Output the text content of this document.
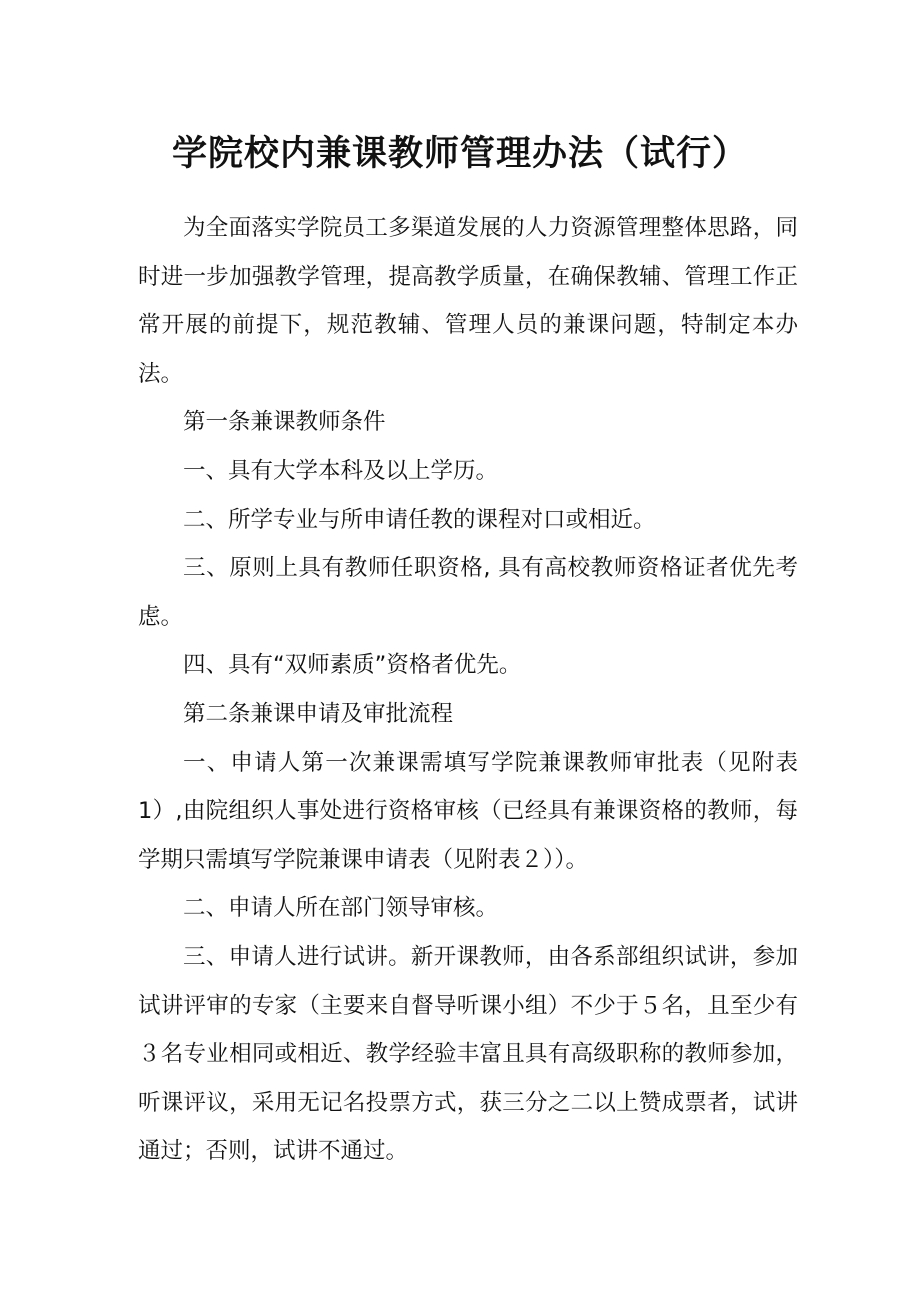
学院校内兼课教师管理办法（试行）

为全面落实学院员工多渠道发展的人力资源管理整体思路，同时进一步加强教学管理，提高教学质量，在确保教辅、管理工作正常开展的前提下，规范教辅、管理人员的兼课问题，特制定本办法。

第一条兼课教师条件

一、具有大学本科及以上学历。

二、所学专业与所申请任教的课程对口或相近。

三、原则上具有教师任职资格, 具有高校教师资格证者优先考虑。

四、具有“双师素质”资格者优先。

第二条兼课申请及审批流程

一、申请人第一次兼课需填写学院兼课教师审批表（见附表1）,由院组织人事处进行资格审核（已经具有兼课资格的教师，每学期只需填写学院兼课申请表（见附表２））。

二、申请人所在部门领导审核。

三、申请人进行试讲。新开课教师，由各系部组织试讲，参加试讲评审的专家（主要来自督导听课小组）不少于５名，且至少有３名专业相同或相近、教学经验丰富且具有高级职称的教师参加，听课评议，采用无记名投票方式，获三分之二以上赞成票者，试讲通过；否则，试讲不通过。
